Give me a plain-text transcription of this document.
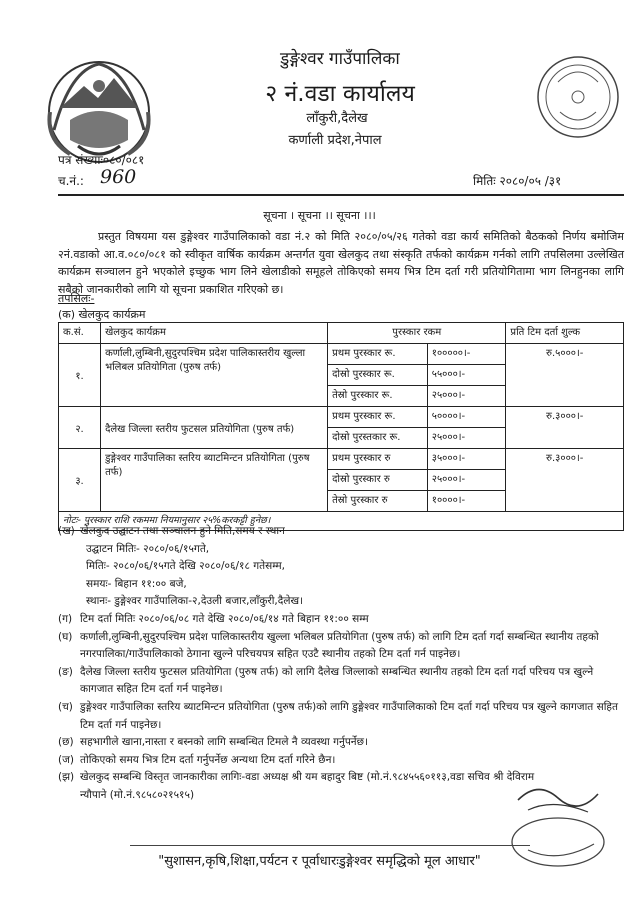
डुङ्गेश्वर गाउँपालिका
२ नं.वडा कार्यालय
लाँकुरी,दैलेख
कर्णाली प्रदेश,नेपाल
पत्र संख्याः०८०/०८१
च.नं.: 960	मितिः २०८०/०५ /३१
सूचना । सूचना ।। सूचना ।।।
प्रस्तुत विषयमा यस डुङ्गेश्वर गाउँपालिकाको वडा नं.२ को मिति २०८०/०५/२६ गतेको वडा कार्य समितिको बैठकको निर्णय बमोजिम २नं.वडाको आ.व.०८०/०८१ को स्वीकृत वार्षिक कार्यक्रम अन्तर्गत युवा खेलकुद तथा संस्कृति तर्फको कार्यक्रम गर्नको लागि तपसिलमा उल्लेखित कार्यक्रम सञ्चालन हुने भएकोले इच्छुक भाग लिने खेलाडीको समूहले तोकिएको समय भित्र टिम दर्ता गरी प्रतियोगितामा भाग लिनहुनका लागि सबैको जानकारीको लागि यो सूचना प्रकाशित गरिएको छ।
तपसिलः-
(क) खेलकुद कार्यक्रम
क.सं.	खेलकुद कार्यक्रम	पुरस्कार रकम		प्रति टिम दर्ता शुल्क
१.	कर्णाली,लुम्बिनी,सुदुरपश्चिम प्रदेश पालिकास्तरीय खुल्ला भलिबल प्रतियोगिता (पुरुष तर्फ)	प्रथम पुरस्कार रू.	१०००००।-	रु.५०००।-
		दोस्रो पुरस्कार रू.	५५०००।-	
		तेस्रो पुरस्कार रू.	२५०००।-	
२.	दैलेख जिल्ला स्तरीय फुटसल प्रतियोगिता (पुरुष तर्फ)	प्रथम पुरस्कार रू.	५००००।-	रु.३०००।-
		दोस्रो पुरस्तकार रू.	२५०००।-	
३.	डुङ्गेश्वर गाउँपालिका स्तरिय ब्याटमिन्टन प्रतियोगिता (पुरुष तर्फ)	प्रथम पुरस्कार रु	३५०००।-	रु.३०००।-
		दोस्रो पुरस्कार रु	२५०००।-	
		तेस्रो पुरस्कार रु	१००००।-	
नोटः- पुरस्कार राशि रकममा नियमानुसार २५%करकट्टी हुनेछ।				
(ख) खेलकुद उद्घाटन तथा सञ्चालन हुने मिति,समय र स्थान
उद्घाटन मितिः- २०८०/०६/१५गते,
मितिः- २०८०/०६/१५गते देखि २०८०/०६/१८ गतेसम्म,
समयः- बिहान ११:०० बजे,
स्थानः- डुङ्गेश्वर गाउँपालिका-२,देउली बजार,लाँकुरी,दैलेख।
(ग) टिम दर्ता मितिः २०८०/०६/०८ गते देखि २०८०/०६/१४ गते बिहान ११:०० सम्म
(घ) कर्णाली,लुम्बिनी,सुदुरपश्चिम प्रदेश पालिकास्तरीय खुल्ला भलिबल प्रतियोगिता (पुरुष तर्फ) को लागि टिम दर्ता गर्दा सम्बन्धित स्थानीय तहको नगरपालिका/गाउँपालिकाको ठेगाना खुल्ने परिचयपत्र सहित एउटै स्थानीय तहको टिम दर्ता गर्न पाइनेछ।
(ङ) दैलेख जिल्ला स्तरीय फुटसल प्रतियोगिता (पुरुष तर्फ) को लागि दैलेख जिल्लाको सम्बन्धित स्थानीय तहको टिम दर्ता गर्दा परिचय पत्र खुल्ने कागजात सहित टिम दर्ता गर्न पाइनेछ।
(च) डुङ्गेश्वर गाउँपालिका स्तरिय ब्याटमिन्टन प्रतियोगिता (पुरुष तर्फ)को लागि डुङ्गेश्वर गाउँपालिकाको टिम दर्ता गर्दा परिचय पत्र खुल्ने कागजात सहित टिम दर्ता गर्न पाइनेछ।
(छ) सहभागीले खाना,नास्ता र बस्नको लागि सम्बन्धित टिमले नै व्यवस्था गर्नुपर्नेछ।
(ज) तोकिएको समय भित्र टिम दर्ता गर्नुपर्नेछ अन्यथा टिम दर्ता गरिने छैन।
(झ) खेलकुद सम्बन्धि विस्तृत जानकारीका लागिः-वडा अध्यक्ष श्री यम बहादुर बिष्ट (मो.नं.९८४५५६०११३,वडा सचिव श्री देविराम
न्यौपाने (मो.नं.९८५८०२१५१५)
"सुशासन,कृषि,शिक्षा,पर्यटन र पूर्वाधारःडुङ्गेश्वर समृद्धिको मूल आधार"
